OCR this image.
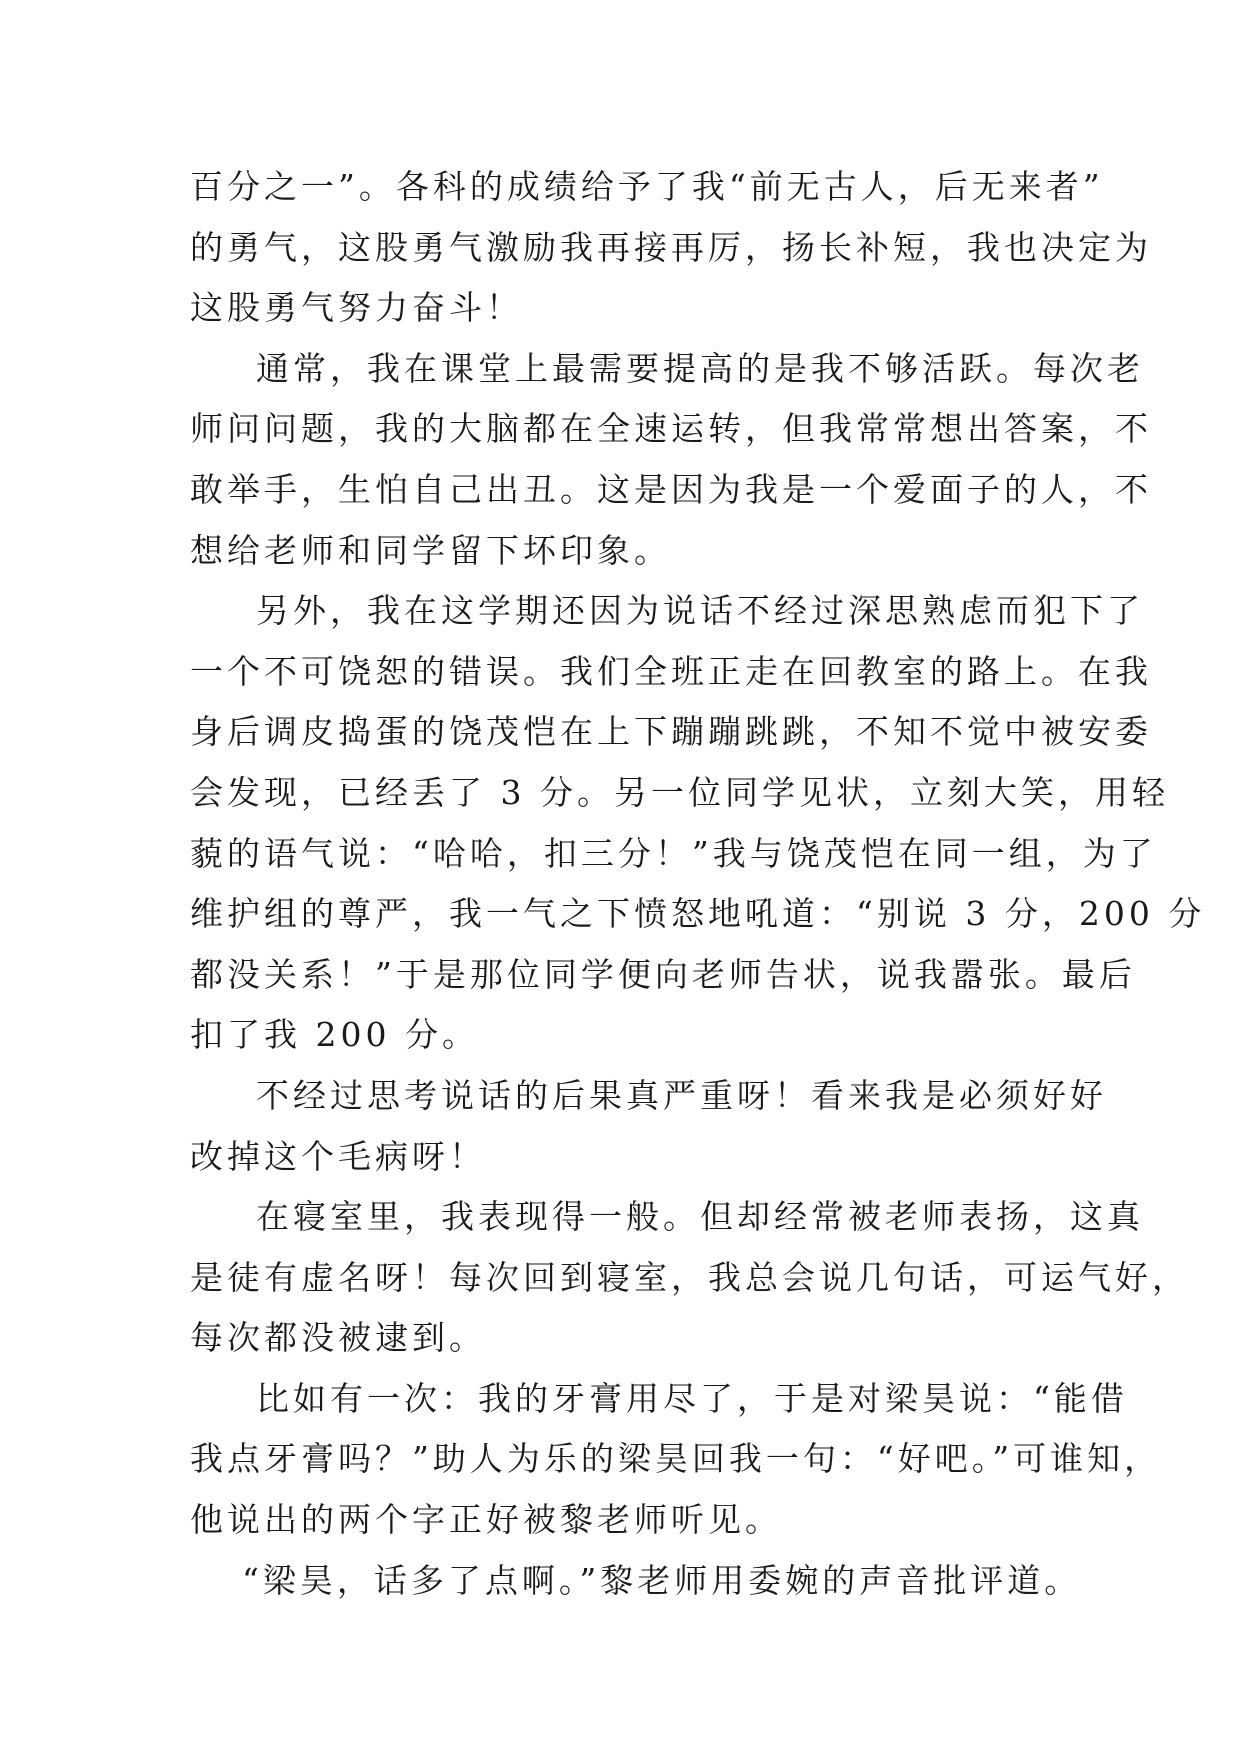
百分之一”。各科的成绩给予了我“前无古人，后无来者”
的勇气，这股勇气激励我再接再厉，扬长补短，我也决定为
这股勇气努力奋斗！
通常，我在课堂上最需要提高的是我不够活跃。每次老
师问问题，我的大脑都在全速运转，但我常常想出答案，不
敢举手，生怕自己出丑。这是因为我是一个爱面子的人，不
想给老师和同学留下坏印象。
另外，我在这学期还因为说话不经过深思熟虑而犯下了
一个不可饶恕的错误。我们全班正走在回教室的路上。在我
身后调皮捣蛋的饶茂恺在上下蹦蹦跳跳，不知不觉中被安委
会发现，已经丢了 3 分。另一位同学见状，立刻大笑，用轻
藐的语气说：“哈哈，扣三分！”我与饶茂恺在同一组，为了
维护组的尊严，我一气之下愤怒地吼道：“别说 3 分，200 分
都没关系！”于是那位同学便向老师告状，说我嚣张。最后
扣了我 200 分。
不经过思考说话的后果真严重呀！看来我是必须好好
改掉这个毛病呀！
在寝室里，我表现得一般。但却经常被老师表扬，这真
是徒有虚名呀！每次回到寝室，我总会说几句话，可运气好，
每次都没被逮到。
比如有一次：我的牙膏用尽了，于是对梁昊说：“能借
我点牙膏吗？”助人为乐的梁昊回我一句：“好吧。”可谁知，
他说出的两个字正好被黎老师听见。
“梁昊，话多了点啊。”黎老师用委婉的声音批评道。
